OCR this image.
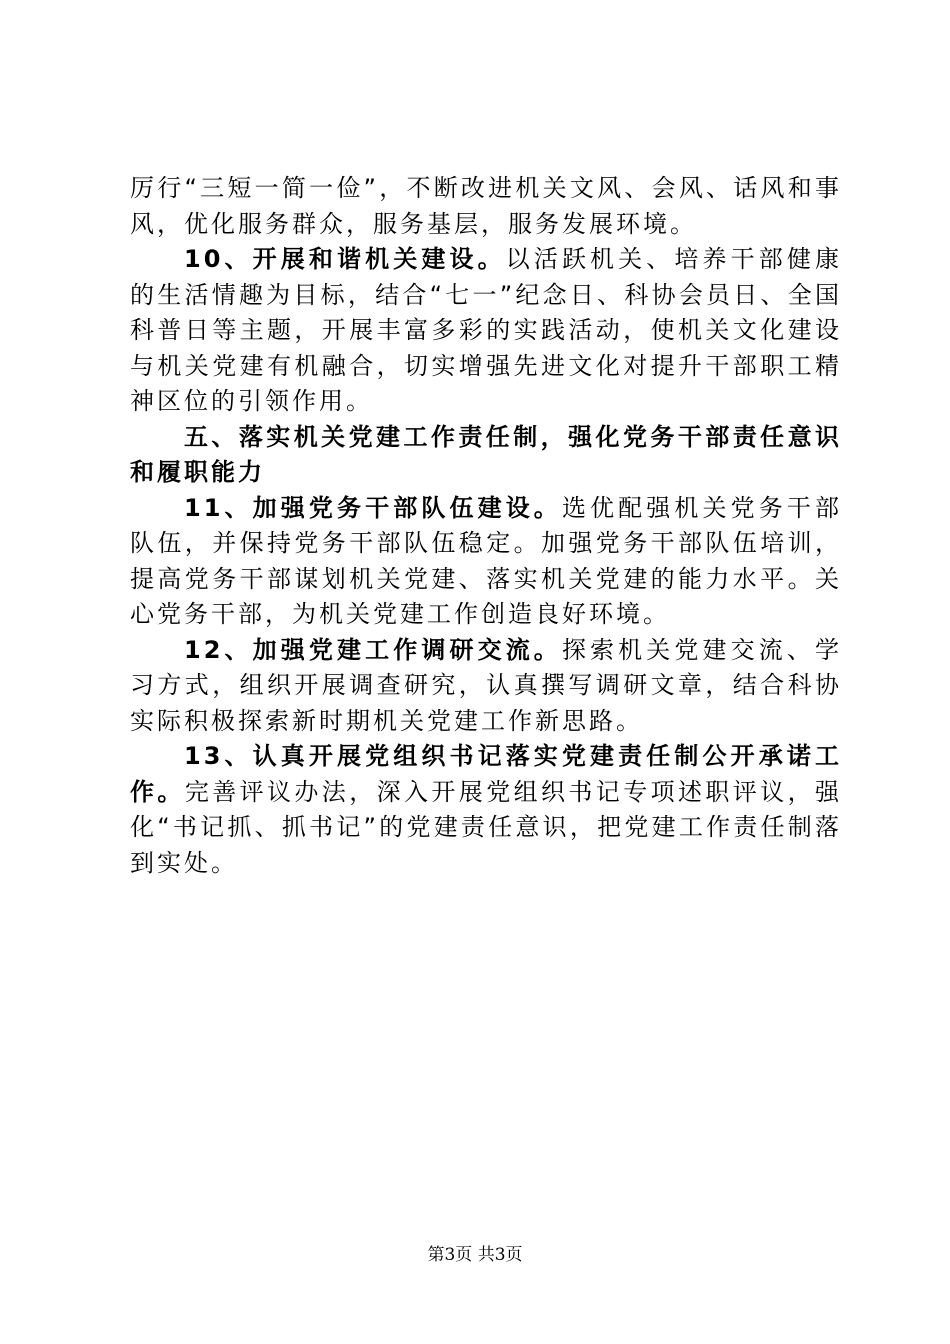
厉行“三短一简一俭”，不断改进机关文风、会风、话风和事风，优化服务群众，服务基层，服务发展环境。

10、开展和谐机关建设。以活跃机关、培养干部健康的生活情趣为目标，结合“七一”纪念日、科协会员日、全国科普日等主题，开展丰富多彩的实践活动，使机关文化建设与机关党建有机融合，切实增强先进文化对提升干部职工精神区位的引领作用。

五、落实机关党建工作责任制，强化党务干部责任意识和履职能力

11、加强党务干部队伍建设。选优配强机关党务干部队伍，并保持党务干部队伍稳定。加强党务干部队伍培训，提高党务干部谋划机关党建、落实机关党建的能力水平。关心党务干部，为机关党建工作创造良好环境。

12、加强党建工作调研交流。探索机关党建交流、学习方式，组织开展调查研究，认真撰写调研文章，结合科协实际积极探索新时期机关党建工作新思路。

13、认真开展党组织书记落实党建责任制公开承诺工作。完善评议办法，深入开展党组织书记专项述职评议，强化“书记抓、抓书记”的党建责任意识，把党建工作责任制落到实处。

第3页 共3页
